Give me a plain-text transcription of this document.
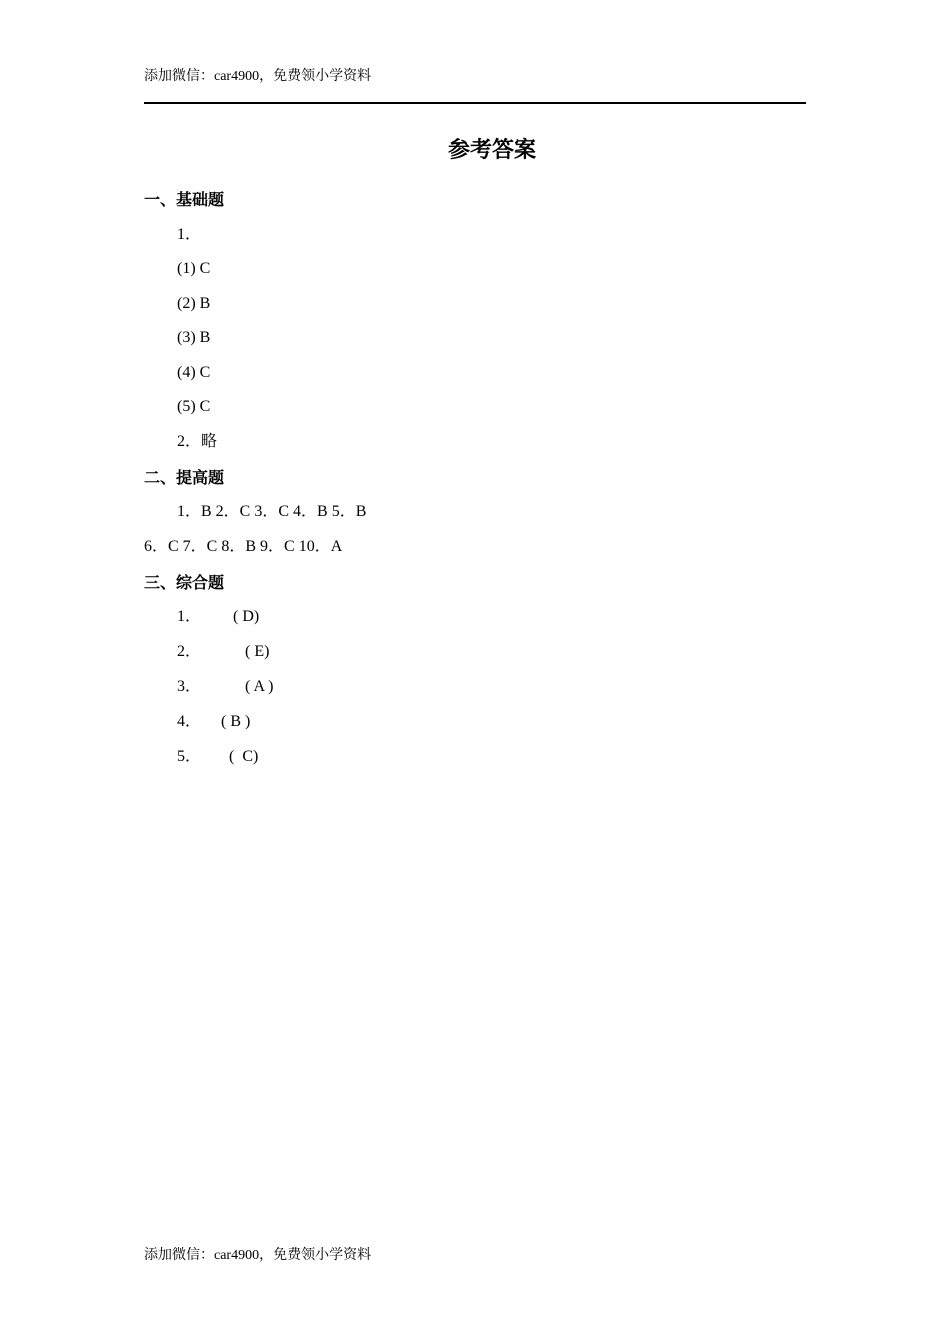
添加微信：car4900，免费领小学资料
参考答案
一、基础题
1．
(1) C
(2) B
(3) B
(4) C
(5) C
2．略
二、提高题
1．B 2．C 3．C 4．B 5．B
6．C 7．C 8．B 9．C 10．A
三、综合题
1．        ( D)
2．           ( E)
3．           ( A )
4．     ( B )
5．       (  C)
添加微信：car4900，免费领小学资料
